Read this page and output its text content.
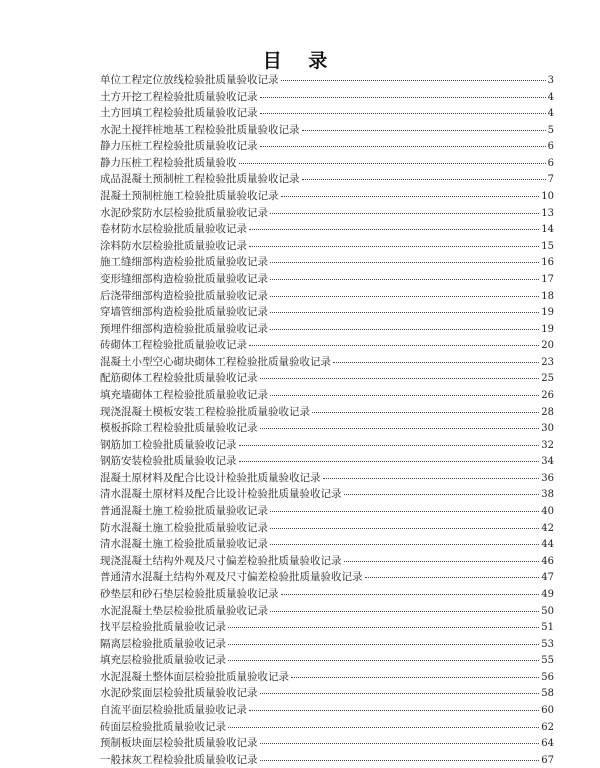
目 录
单位工程定位放线检验批质量验收记录	3
土方开挖工程检验批质量验收记录	4
土方回填工程检验批质量验收记录	4
水泥土搅拌桩地基工程检验批质量验收记录	5
静力压桩工程检验批质量验收记录	6
静力压桩工程检验批质量验收	6
成品混凝土预制桩工程检验批质量验收记录	7
混凝土预制桩施工检验批质量验收记录	10
水泥砂浆防水层检验批质量验收记录	13
卷材防水层检验批质量验收记录	14
涂料防水层检验批质量验收记录	15
施工缝细部构造检验批质量验收记录	16
变形缝细部构造检验批质量验收记录	17
后浇带细部构造检验批质量验收记录	18
穿墙管细部构造检验批质量验收记录	19
预埋件细部构造检验批质量验收记录	19
砖砌体工程检验批质量验收记录	20
混凝土小型空心砌块砌体工程检验批质量验收记录	23
配筋砌体工程检验批质量验收记录	25
填充墙砌体工程检验批质量验收记录	26
现浇混凝土模板安装工程检验批质量验收记录	28
模板拆除工程检验批质量验收记录	30
钢筋加工检验批质量验收记录	32
钢筋安装检验批质量验收记录	34
混凝土原材料及配合比设计检验批质量验收记录	36
清水混凝土原材料及配合比设计检验批质量验收记录	38
普通混凝土施工检验批质量验收记录	40
防水混凝土施工检验批质量验收记录	42
清水混凝土施工检验批质量验收记录	44
现浇混凝土结构外观及尺寸偏差检验批质量验收记录	46
普通清水混凝土结构外观及尺寸偏差检验批质量验收记录	47
砂垫层和砂石垫层检验批质量验收记录	49
水泥混凝土垫层检验批质量验收记录	50
找平层检验批质量验收记录	51
隔离层检验批质量验收记录	53
填充层检验批质量验收记录	55
水泥混凝土整体面层检验批质量验收记录	56
水泥砂浆面层检验批质量验收记录	58
自流平面层检验批质量验收记录	60
砖面层检验批质量验收记录	62
预制板块面层检验批质量验收记录	64
一般抹灰工程检验批质量验收记录	67
